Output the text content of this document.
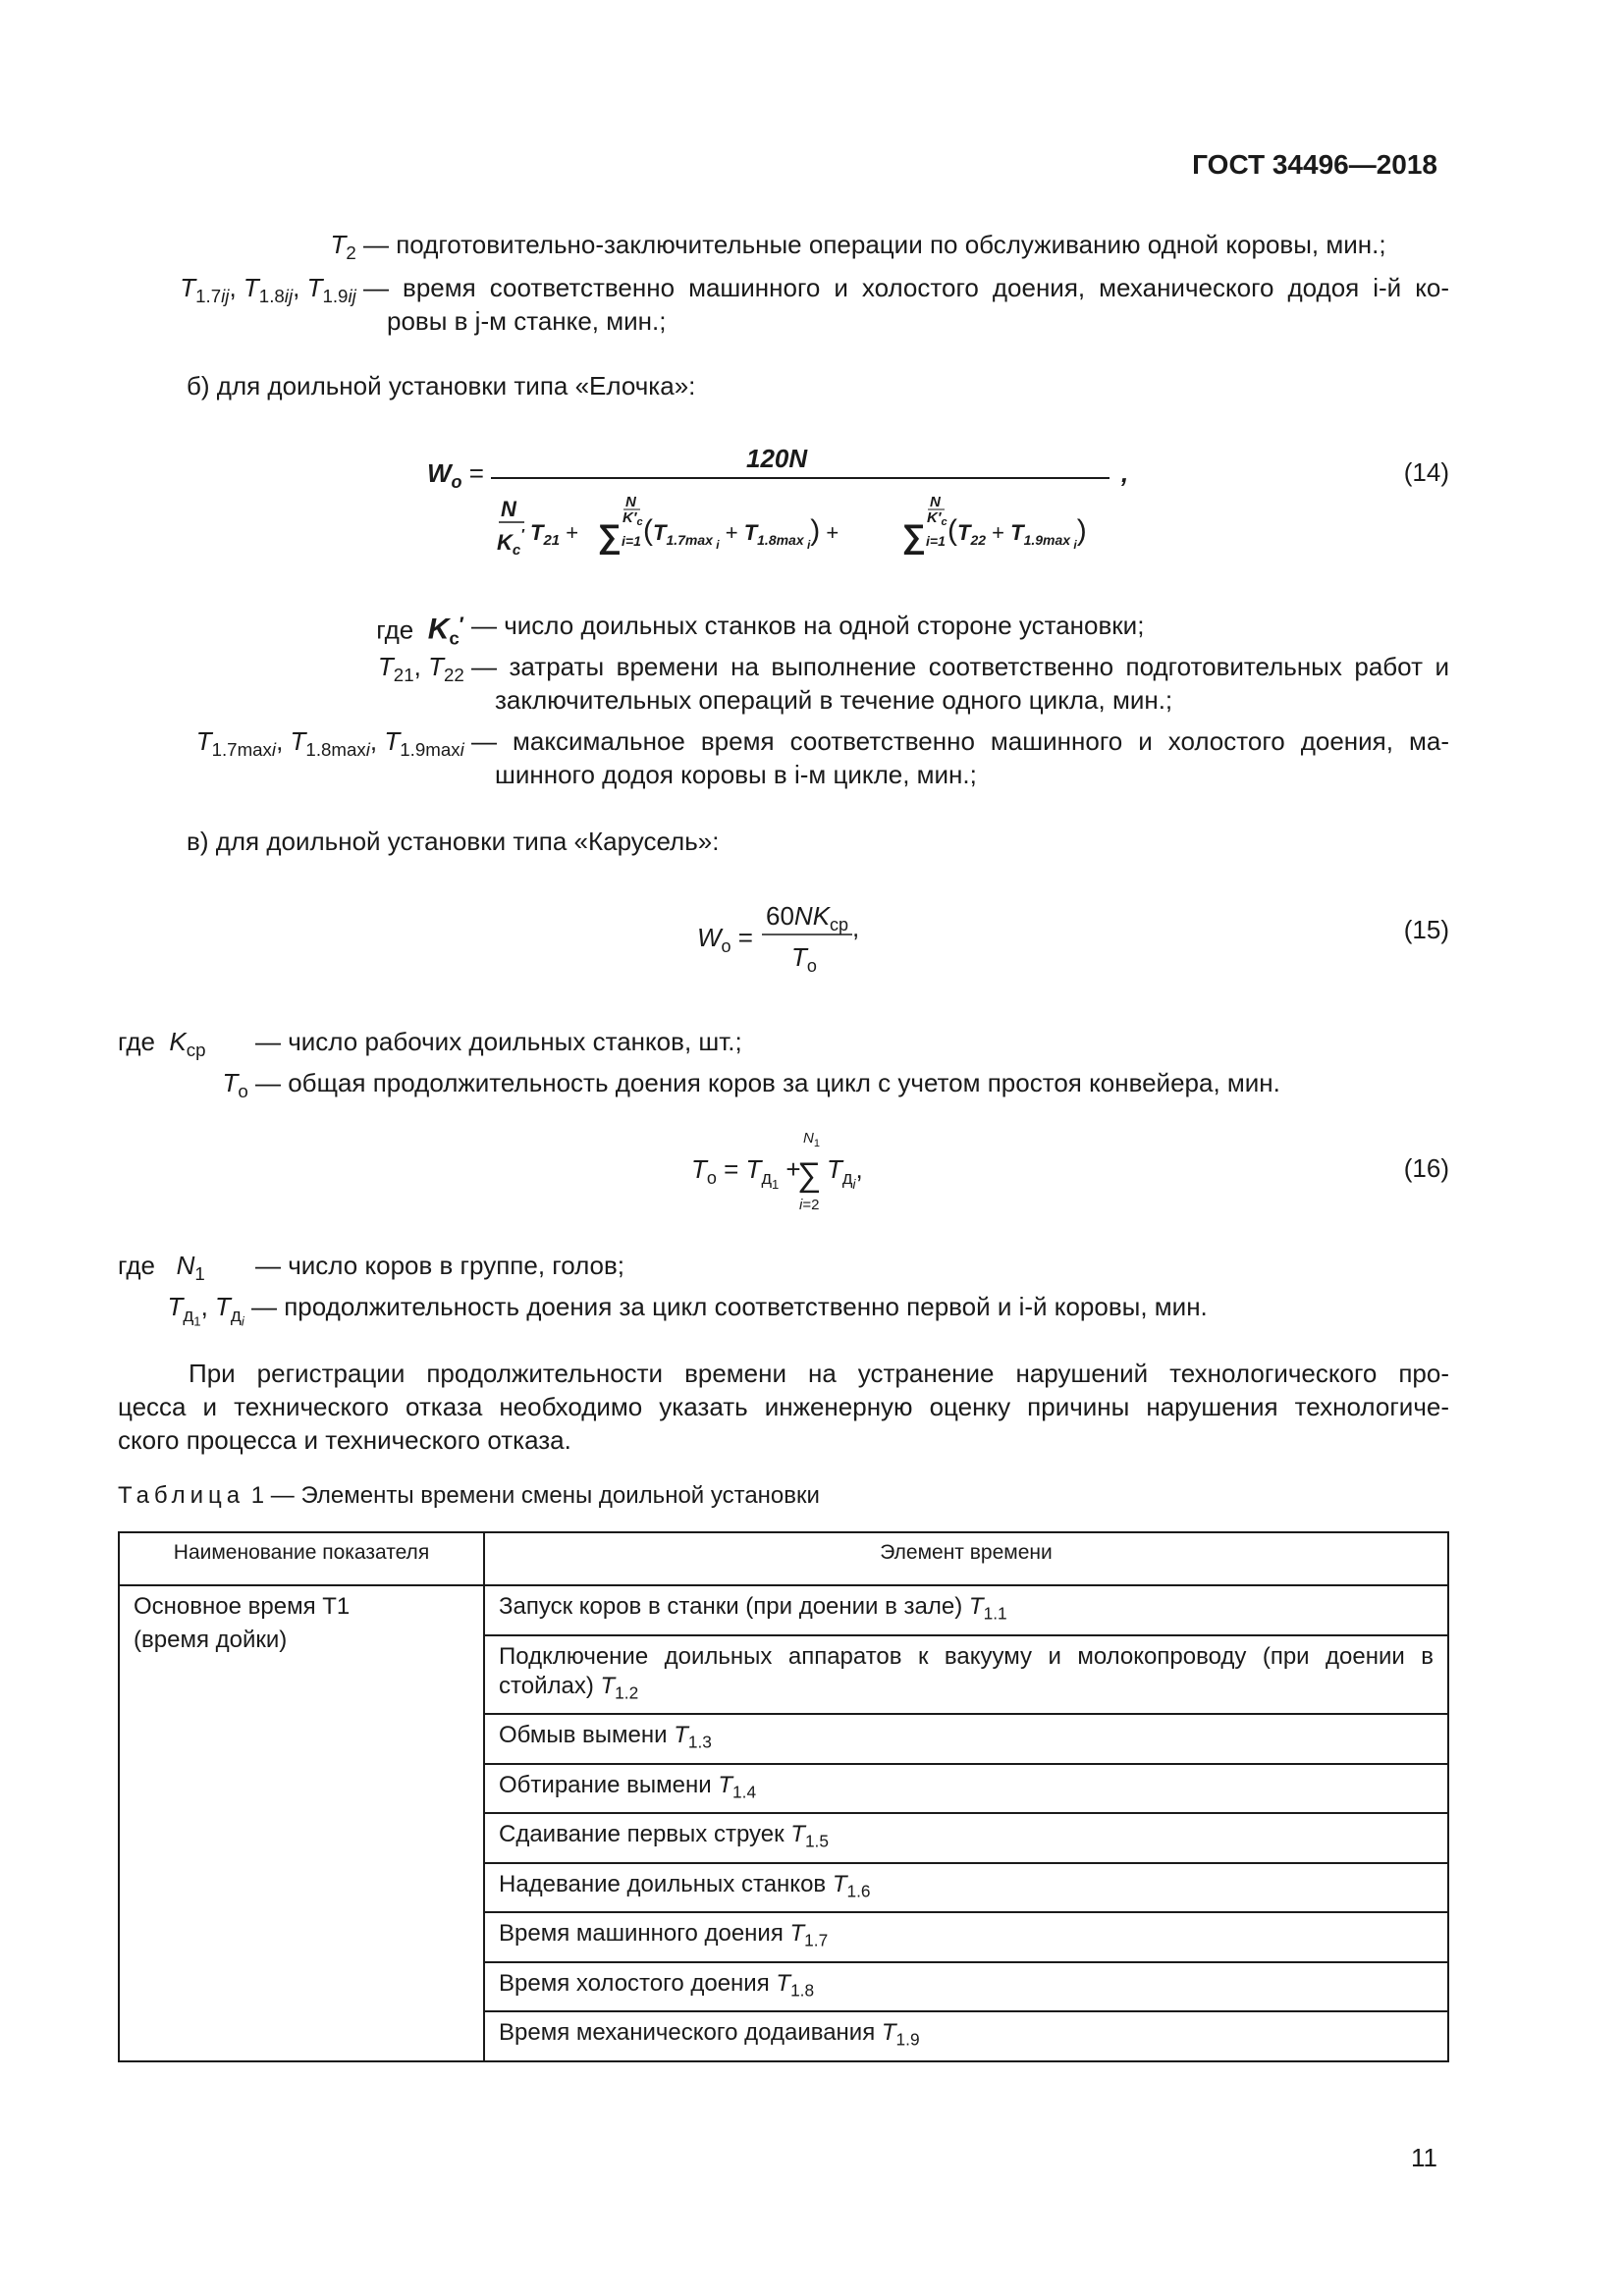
ГОСТ 34496—2018
$T_2$ — подготовительно-заключительные операции по обслуживанию одной коровы, мин.;
$T_{1.7ij}$, $T_{1.8ij}$, $T_{1.9ij}$ — время соответственно машинного и холостого доения, механического додоя i-й ко-
ровы в j-м станке, мин.;
б) для доильной установки типа «Елочка»:
$W_о$ =	120N
N
$K_с'$ $T_{21}$ + ∑
N
$K'_с$
i=1 ($T_{1.7max}$ $i + T_{1.8max}$ i) + ∑
N
$K'_с$
i=1 ($T_{22} + T_{1.9max}$ i)
,	(14)
где $K_с'$ — число доильных станков на одной стороне установки;
$T_{21}$, $T_{22}$ — затраты времени на выполнение соответственно подготовительных работ и
заключительных операций в течение одного цикла, мин.;
$T_{1.7maxi}$, $T_{1.8maxi}$, $T_{1.9maxi}$ — максимальное время соответственно машинного и холостого доения, ма-
шинного додоя коровы в i-м цикле, мин.;
в) для доильной установки типа «Карусель»:
$W_о$ =
$60NK_{ср}$ ,
$T_о$
(15)
где $K_{ср}$	— число рабочих доильных станков, шт.;
$T_о$ — общая продолжительность доения коров за цикл с учетом простоя конвейера, мин.
$T_о = T_д1$ +
$N_1$
∑
i=2
$T_дi$,	(16)
где $N_1$	— число коров в группе, голов;
$T_{д_1}$, $T_{д_i}$
— продолжительность доения за цикл соответственно первой и i-й коровы, мин.
При регистрации продолжительности времени на устранение нарушений технологического про-
цесса и технического отказа необходимо указать инженерную оценку причины нарушения технологиче-
ского процесса и технического отказа.
Таблица 1 — Элементы времени смены доильной установки
Наименование показателя	Элемент времени

Основное время T1
(время дойки)	Запуск коров в станки (при доении в зале) $T_{1.1}$

	Подключение доильных аппаратов к вакууму и молокопроводу (при доении в стойлах) $T_{1.2}$

	Обмыв вымени $T_{1.3}$

	Обтирание вымени $T_{1.4}$

	Сдаивание первых струек $T_{1.5}$

	Надевание доильных станков $T_{1.6}$

	Время машинного доения $T_{1.7}$

	Время холостого доения $T_{1.8}$

	Время механического додаивания $T_{1.9}$
11
